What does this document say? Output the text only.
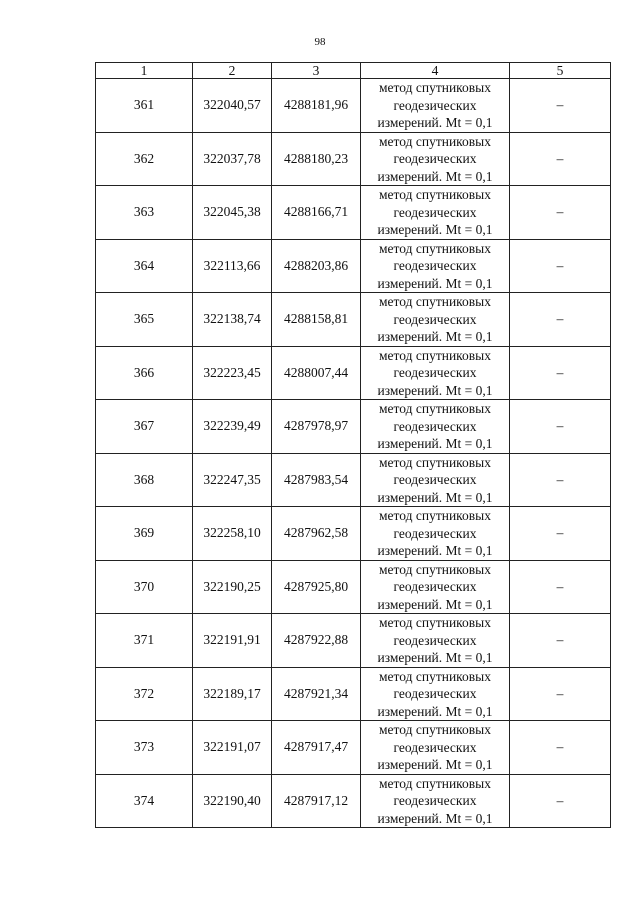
98
1	2	3	4	5
361	322040,57	4288181,96	метод спутниковых
геодезических
измерений. Mt = 0,1	–
362	322037,78	4288180,23	метод спутниковых
геодезических
измерений. Mt = 0,1	–
363	322045,38	4288166,71	метод спутниковых
геодезических
измерений. Mt = 0,1	–
364	322113,66	4288203,86	метод спутниковых
геодезических
измерений. Mt = 0,1	–
365	322138,74	4288158,81	метод спутниковых
геодезических
измерений. Mt = 0,1	–
366	322223,45	4288007,44	метод спутниковых
геодезических
измерений. Mt = 0,1	–
367	322239,49	4287978,97	метод спутниковых
геодезических
измерений. Mt = 0,1	–
368	322247,35	4287983,54	метод спутниковых
геодезических
измерений. Mt = 0,1	–
369	322258,10	4287962,58	метод спутниковых
геодезических
измерений. Mt = 0,1	–
370	322190,25	4287925,80	метод спутниковых
геодезических
измерений. Mt = 0,1	–
371	322191,91	4287922,88	метод спутниковых
геодезических
измерений. Mt = 0,1	–
372	322189,17	4287921,34	метод спутниковых
геодезических
измерений. Mt = 0,1	–
373	322191,07	4287917,47	метод спутниковых
геодезических
измерений. Mt = 0,1	–
374	322190,40	4287917,12	метод спутниковых
геодезических
измерений. Mt = 0,1	–
